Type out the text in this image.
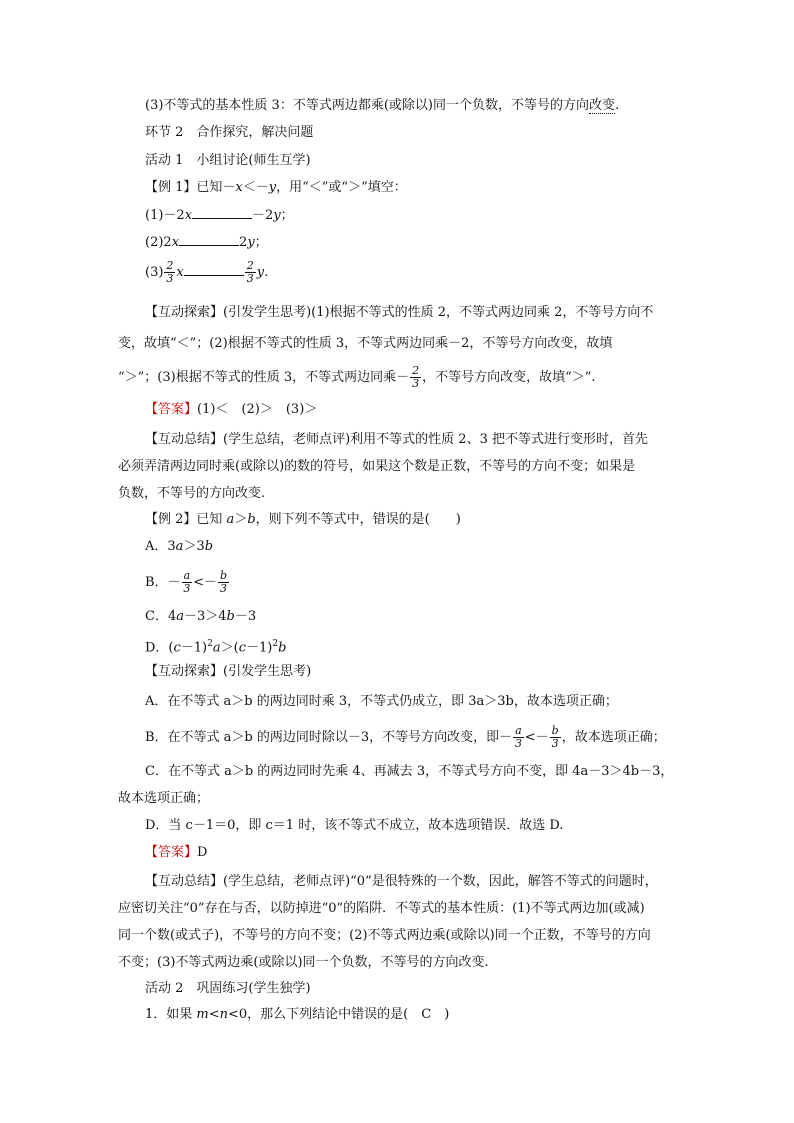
(3)不等式的基本性质 3：不等式两边都乘(或除以)同一个负数，不等号的方向改变.
环节 2　合作探究，解决问题
活动 1　小组讨论(师生互学)
【例 1】已知－x＜－y，用“＜”或“＞”填空：
(1)－2x	－2y；
(2)2x	2y；
$(3) \frac{2}{3}$ x	$\frac{2}{3} y$.
【互动探索】(引发学生思考)(1)根据不等式的性质 2，不等式两边同乘 2，不等号方向不
变，故填“＜”；(2)根据不等式的性质 3，不等式两边同乘－2，不等号方向改变，故填
“＞”；(3)根据不等式的性质 3，不等式两边同乘－ $\frac{2}{3}$ ，不等号方向改变，故填“＞”.
【答案】(1)＜　(2)＞　(3)＞
【互动总结】(学生总结，老师点评)利用不等式的性质 2、3 把不等式进行变形时，首先
必须弄清两边同时乘(或除以)的数的符号，如果这个数是正数，不等号的方向不变；如果是
负数，不等号的方向改变.
【例 2】已知 a＞b，则下列不等式中，错误的是(　　)
A．3a＞3b
B．－ $\frac{a}{3} <- \frac{b}{3}$
C．4a－3＞4b－3
D．$(c-1)^2a>(c-1)^2b$
【互动探索】(引发学生思考)
A．在不等式 a＞b 的两边同时乘 3，不等式仍成立，即 3a＞3b，故本选项正确；
B．在不等式 a＞b 的两边同时除以－3，不等号方向改变，即－ $\frac{a}{3} <- \frac{b}{3}$ ，故本选项正确；
C．在不等式 a＞b 的两边同时先乘 4、再减去 3，不等式号方向不变，即 4a－3＞4b－3，
故本选项正确；
D．当 c－1＝0，即 c＝1 时，该不等式不成立，故本选项错误．故选 D.
【答案】D
【互动总结】(学生总结，老师点评)“0”是很特殊的一个数，因此，解答不等式的问题时，
应密切关注“0”存在与否，以防掉进“0”的陷阱．不等式的基本性质：(1)不等式两边加(或减)
同一个数(或式子)，不等号的方向不变；(2)不等式两边乘(或除以)同一个正数，不等号的方向
不变；(3)不等式两边乘(或除以)同一个负数，不等号的方向改变.
活动 2　巩固练习(学生独学)
1．如果 m<n<0，那么下列结论中错误的是(　C　)
